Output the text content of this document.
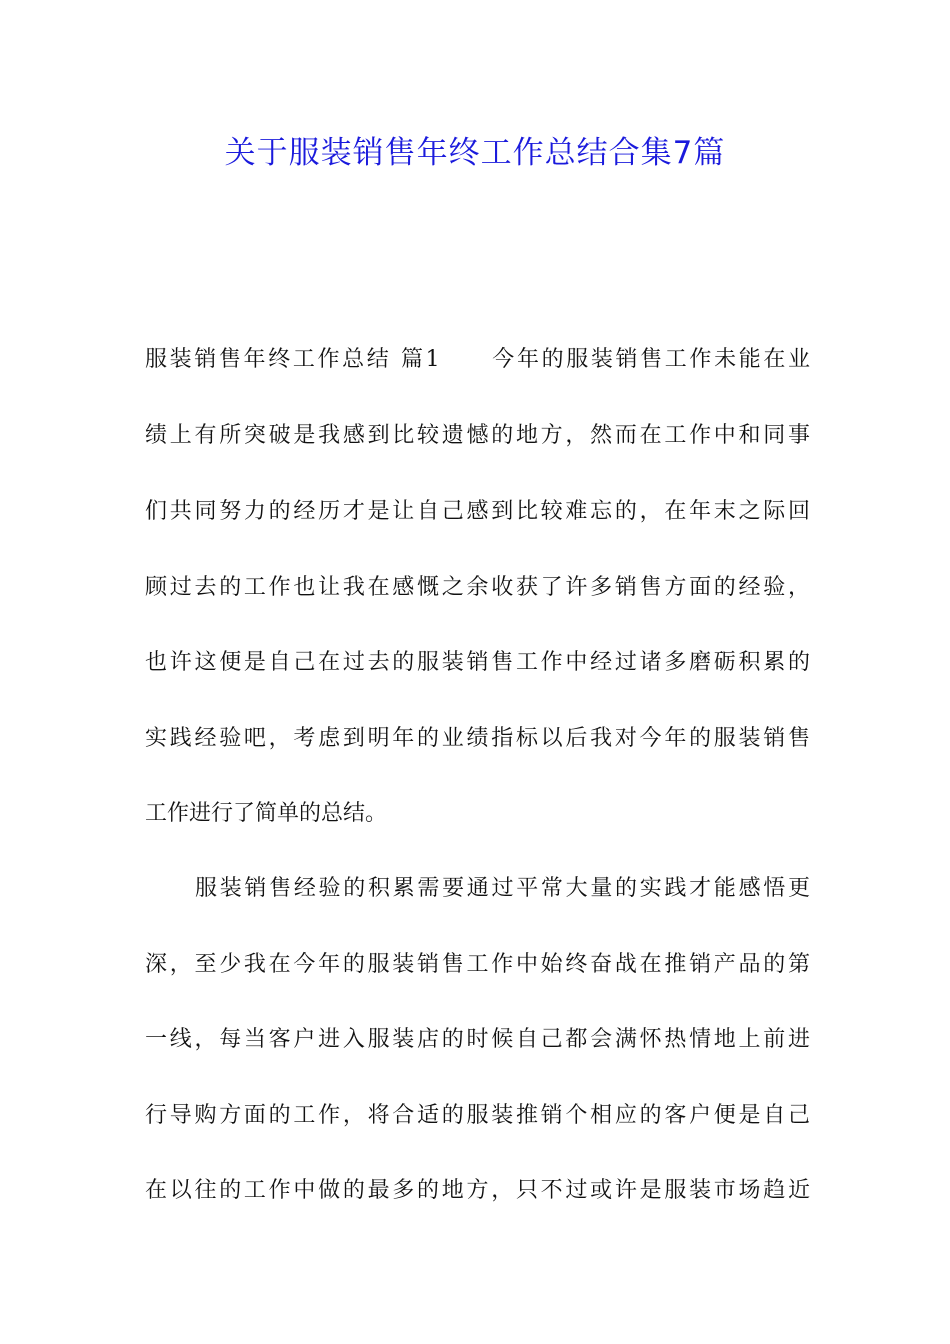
关于服装销售年终工作总结合集7篇
服装销售年终工作总结 篇1 今年的服装销售工作未能在业
绩上有所突破是我感到比较遗憾的地方，然而在工作中和同事
们共同努力的经历才是让自己感到比较难忘的，在年末之际回
顾过去的工作也让我在感慨之余收获了许多销售方面的经验，
也许这便是自己在过去的服装销售工作中经过诸多磨砺积累的
实践经验吧，考虑到明年的业绩指标以后我对今年的服装销售
工作进行了简单的总结。
服装销售经验的积累需要通过平常大量的实践才能感悟更
深，至少我在今年的服装销售工作中始终奋战在推销产品的第
一线，每当客户进入服装店的时候自己都会满怀热情地上前进
行导购方面的工作，将合适的服装推销个相应的客户便是自己
在以往的工作中做的最多的地方，只不过或许是服装市场趋近
